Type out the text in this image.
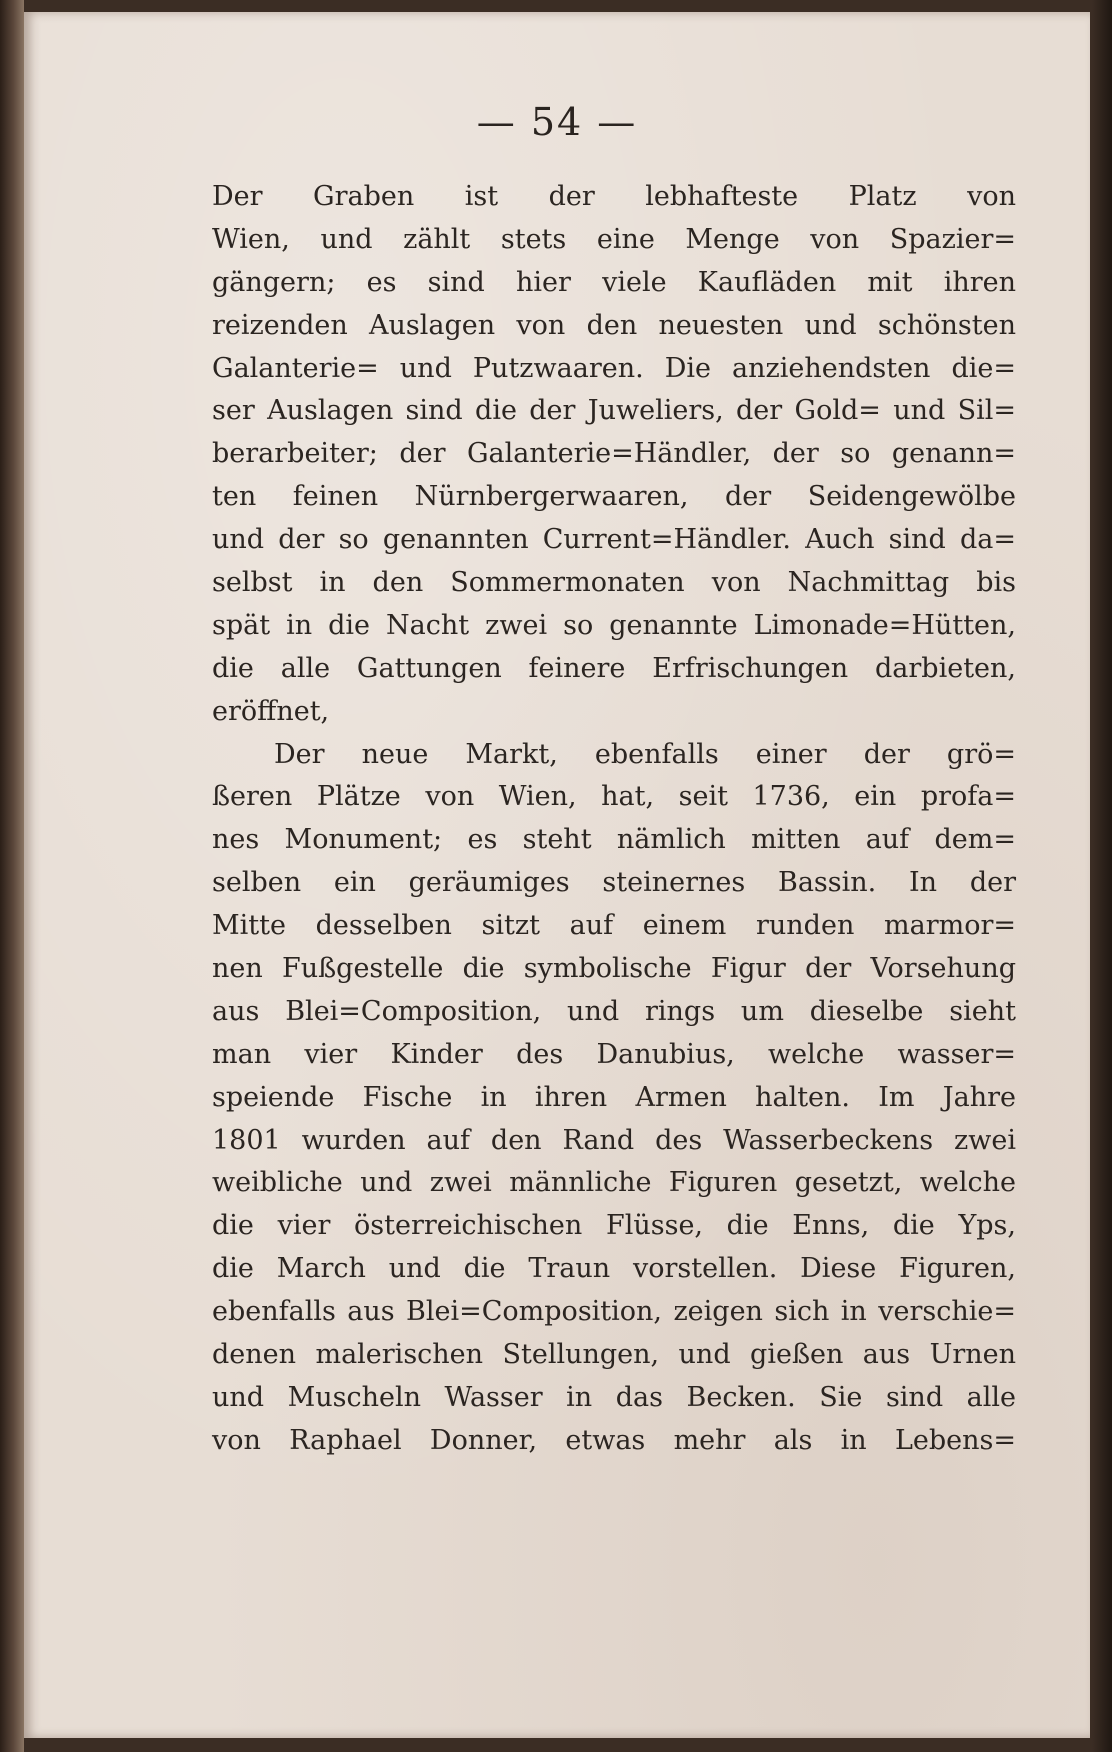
— 54 —
Der Graben ist der lebhafteste Platz von
Wien, und zählt stets eine Menge von Spazier=
gängern; es sind hier viele Kaufläden mit ihren
reizenden Auslagen von den neuesten und schönsten
Galanterie= und Putzwaaren. Die anziehendsten die=
ser Auslagen sind die der Juweliers, der Gold= und Sil=
berarbeiter; der Galanterie=Händler, der so genann=
ten feinen Nürnbergerwaaren, der Seidengewölbe
und der so genannten Current=Händler. Auch sind da=
selbst in den Sommermonaten von Nachmittag bis
spät in die Nacht zwei so genannte Limonade=Hütten,
die alle Gattungen feinere Erfrischungen darbieten,
eröffnet,
Der neue Markt, ebenfalls einer der grö=
ßeren Plätze von Wien, hat, seit 1736, ein profa=
nes Monument; es steht nämlich mitten auf dem=
selben ein geräumiges steinernes Bassin. In der
Mitte desselben sitzt auf einem runden marmor=
nen Fußgestelle die symbolische Figur der Vorsehung
aus Blei=Composition, und rings um dieselbe sieht
man vier Kinder des Danubius, welche wasser=
speiende Fische in ihren Armen halten. Im Jahre
1801 wurden auf den Rand des Wasserbeckens zwei
weibliche und zwei männliche Figuren gesetzt, welche
die vier österreichischen Flüsse, die Enns, die Yps,
die March und die Traun vorstellen. Diese Figuren,
ebenfalls aus Blei=Composition, zeigen sich in verschie=
denen malerischen Stellungen, und gießen aus Urnen
und Muscheln Wasser in das Becken. Sie sind alle
von Raphael Donner, etwas mehr als in Lebens=
